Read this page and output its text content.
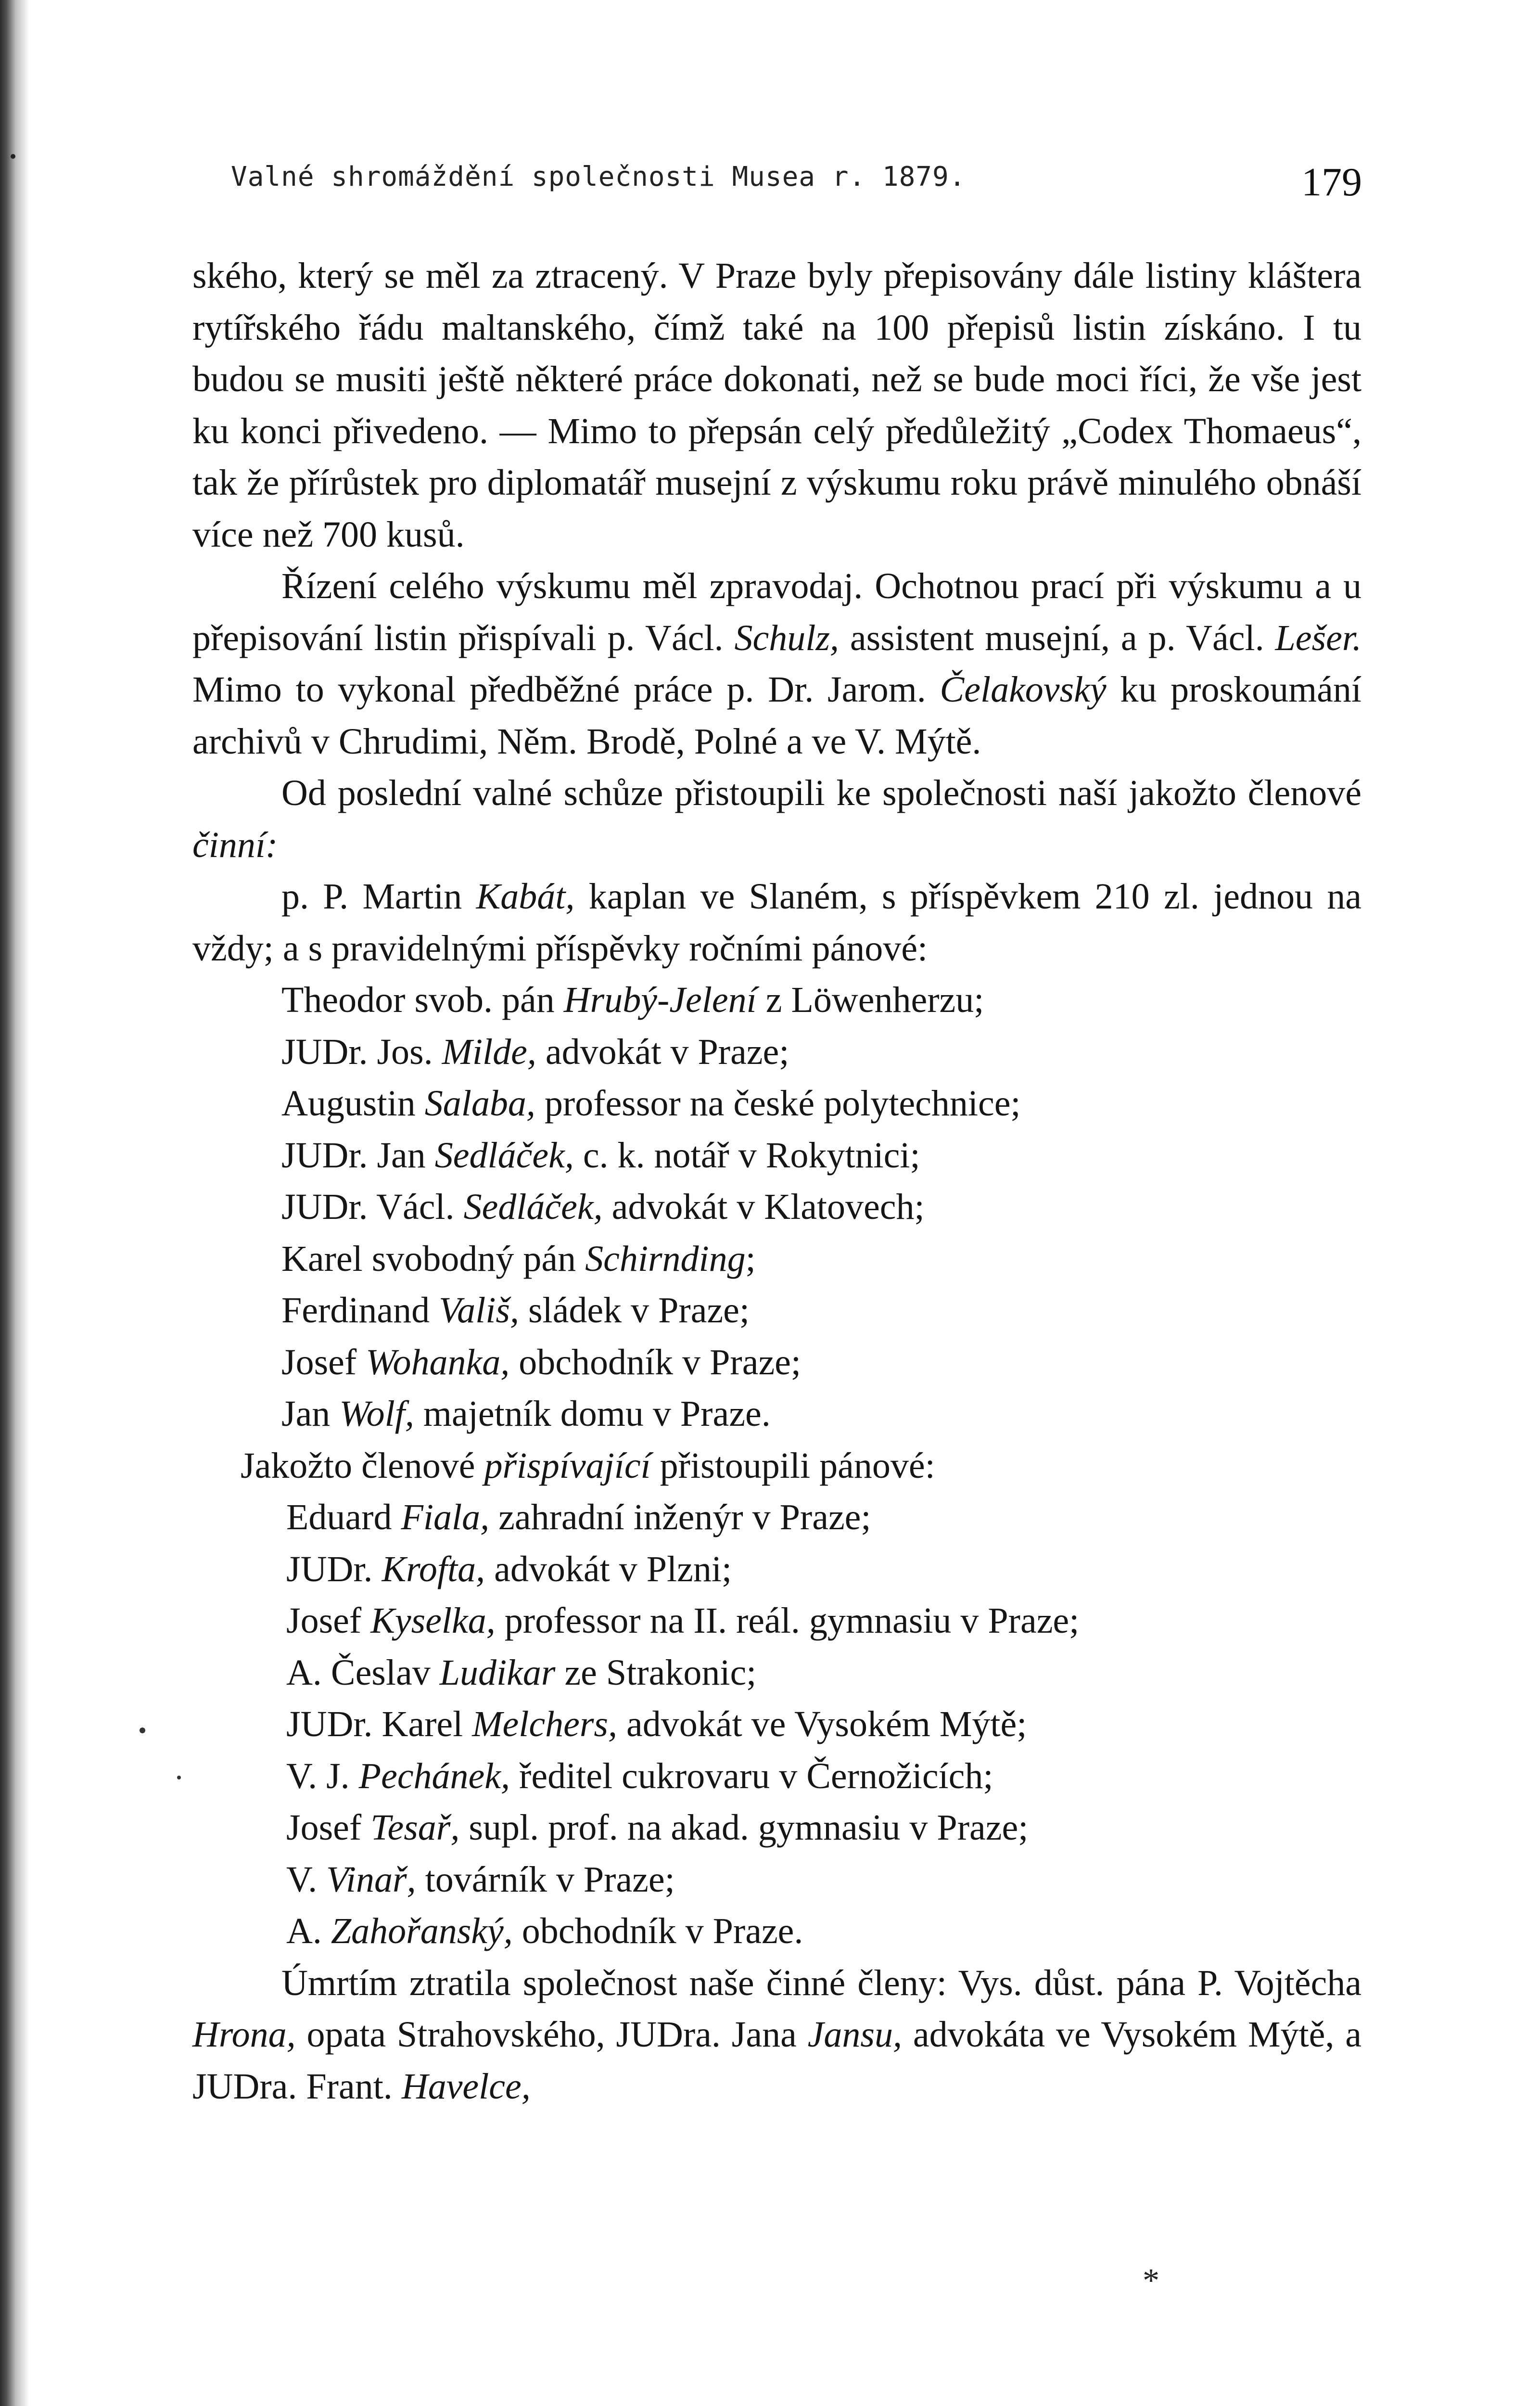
Valné shromáždění společnosti Musea r. 1879.	179

ského, který se měl za ztracený. V Praze byly přepisovány dále listiny kláštera rytířského řádu maltanského, čímž také na 100 přepisů listin získáno. I tu budou se musiti ještě některé práce dokonati, než se bude moci říci, že vše jest ku konci přivedeno. — Mimo to přepsán celý předůležitý „Codex Thomaeus“, tak že přírůstek pro diplomatář musejní z výskumu roku právě minulého obnáší více než 700 kusů.

Řízení celého výskumu měl zpravodaj. Ochotnou prací při výskumu a u přepisování listin přispívali p. Václ. Schulz, assistent musejní, a p. Václ. Lešer. Mimo to vykonal předběžné práce p. Dr. Jarom. Čelakovský ku proskoumání archivů v Chrudimi, Něm. Brodě, Polné a ve V. Mýtě.

Od poslední valné schůze přistoupili ke společnosti naší jakožto členové činní:

p. P. Martin Kabát, kaplan ve Slaném, s příspěvkem 210 zl. jednou na vždy; a s pravidelnými příspěvky ročními pánové:

Theodor svob. pán Hrubý-Jelení z Löwenherzu;

JUDr. Jos. Milde, advokát v Praze;

Augustin Salaba, professor na české polytechnice;

JUDr. Jan Sedláček, c. k. notář v Rokytnici;

JUDr. Václ. Sedláček, advokát v Klatovech;

Karel svobodný pán Schirnding;

Ferdinand Vališ, sládek v Praze;

Josef Wohanka, obchodník v Praze;

Jan Wolf, majetník domu v Praze.

Jakožto členové přispívající přistoupili pánové:

Eduard Fiala, zahradní inženýr v Praze;

JUDr. Krofta, advokát v Plzni;

Josef Kyselka, professor na II. reál. gymnasiu v Praze;

A. Česlav Ludikar ze Strakonic;

JUDr. Karel Melchers, advokát ve Vysokém Mýtě;

V. J. Pechánek, ředitel cukrovaru v Černožicích;

Josef Tesař, supl. prof. na akad. gymnasiu v Praze;

V. Vinař, továrník v Praze;

A. Zahořanský, obchodník v Praze.

Úmrtím ztratila společnost naše činné členy: Vys. důst. pána P. Vojtěcha Hrona, opata Strahovského, JUDra. Jana Jansu, advokáta ve Vysokém Mýtě, a JUDra. Frant. Havelce,

*
